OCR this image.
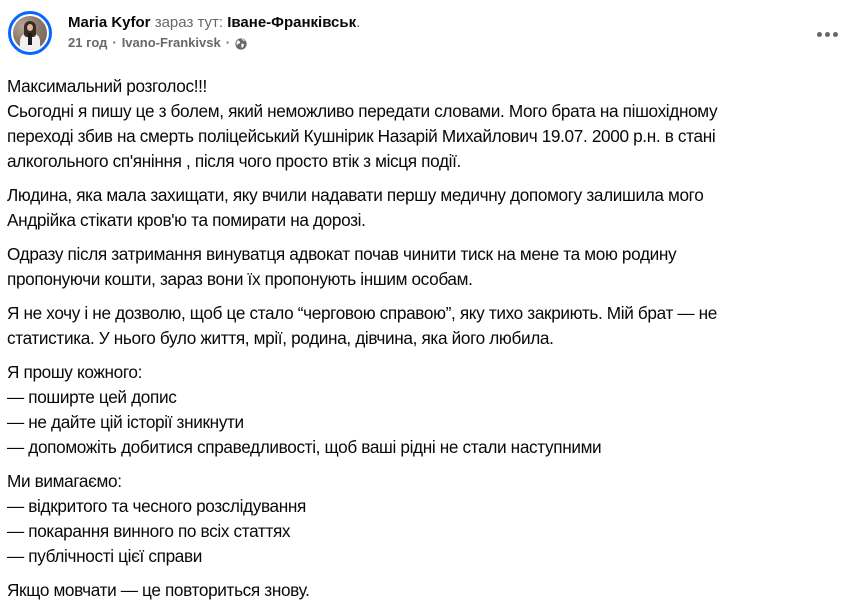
Maria Kyfor зараз тут: Іване-Франківськ.
21 год · Ivano-Frankivsk ·
Максимальний розголос!!!
Сьогодні я пишу це з болем, який неможливо передати словами. Мого брата на пішохідному
переході збив на смерть поліцейський Кушнірик Назарій Михайлович 19.07. 2000 р.н. в стані
алкогольного сп'яніння , після чого просто втік з місця події.
Людина, яка мала захищати, яку вчили надавати першу медичну допомогу залишила мого
Андрійка стікати кров'ю та помирати на дорозі.
Одразу після затримання винуватця адвокат почав чинити тиск на мене та мою родину
пропонуючи кошти, зараз вони їх пропонують іншим особам.
Я не хочу і не дозволю, щоб це стало “черговою справою”, яку тихо закриють. Мій брат — не
статистика. У нього було життя, мрії, родина, дівчина, яка його любила.
Я прошу кожного:
— поширте цей допис
— не дайте цій історії зникнути
— допоможіть добитися справедливості, щоб ваші рідні не стали наступними
Ми вимагаємо:
— відкритого та чесного розслідування
— покарання винного по всіх статтях
— публічності цієї справи
Якщо мовчати — це повториться знову.
